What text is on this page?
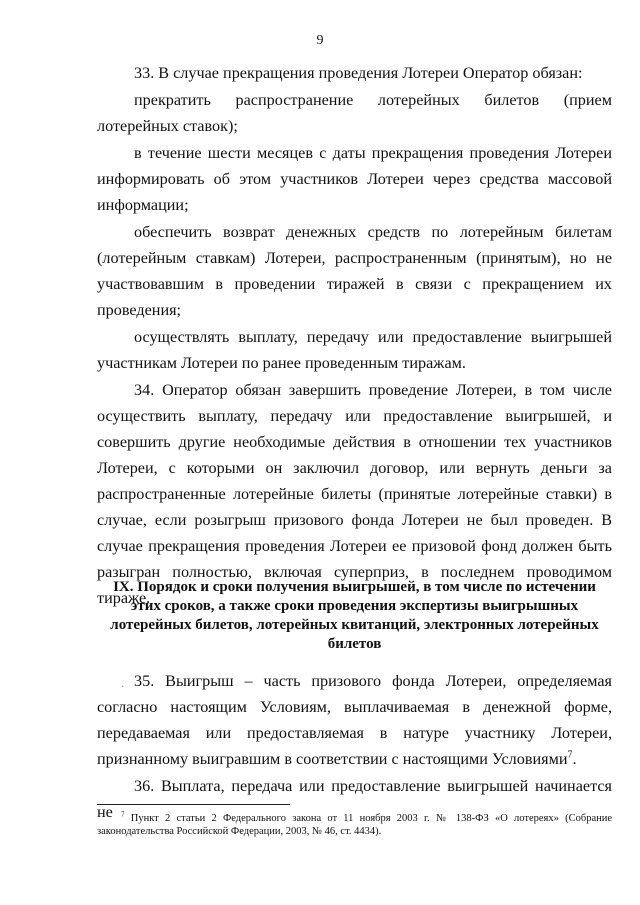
9

33. В случае прекращения проведения Лотереи Оператор обязан:

прекратить распространение лотерейных билетов (прием лотерейных ставок);

в течение шести месяцев с даты прекращения проведения Лотереи информировать об этом участников Лотереи через средства массовой информации;

обеспечить возврат денежных средств по лотерейным билетам (лотерейным ставкам) Лотереи, распространенным (принятым), но не участвовавшим в проведении тиражей в связи с прекращением их проведения;

осуществлять выплату, передачу или предоставление выигрышей участникам Лотереи по ранее проведенным тиражам.

34. Оператор обязан завершить проведение Лотереи, в том числе осуществить выплату, передачу или предоставление выигрышей, и совершить другие необходимые действия в отношении тех участников Лотереи, с которыми он заключил договор, или вернуть деньги за распространенные лотерейные билеты (принятые лотерейные ставки) в случае, если розыгрыш призового фонда Лотереи не был проведен. В случае прекращения проведения Лотереи ее призовой фонд должен быть разыгран полностью, включая суперприз, в последнем проводимом тираже.

IX. Порядок и сроки получения выигрышей, в том числе по истечении этих сроков, а также сроки проведения экспертизы выигрышных лотерейных билетов, лотерейных квитанций, электронных лотерейных билетов

· 35. Выигрыш – часть призового фонда Лотереи, определяемая согласно настоящим Условиям, выплачиваемая в денежной форме, передаваемая или предоставляемая в натуре участнику Лотереи, признанному выигравшим в соответствии с настоящими Условиями$^7$.

36. Выплата, передача или предоставление выигрышей начинается не	$^7$ Пункт 2 статьи 2 Федерального закона от 11 ноября 2003 г. № 138-ФЗ «О лотереях» (Собрание законодательства Российской Федерации, 2003, № 46, ст. 4434).
